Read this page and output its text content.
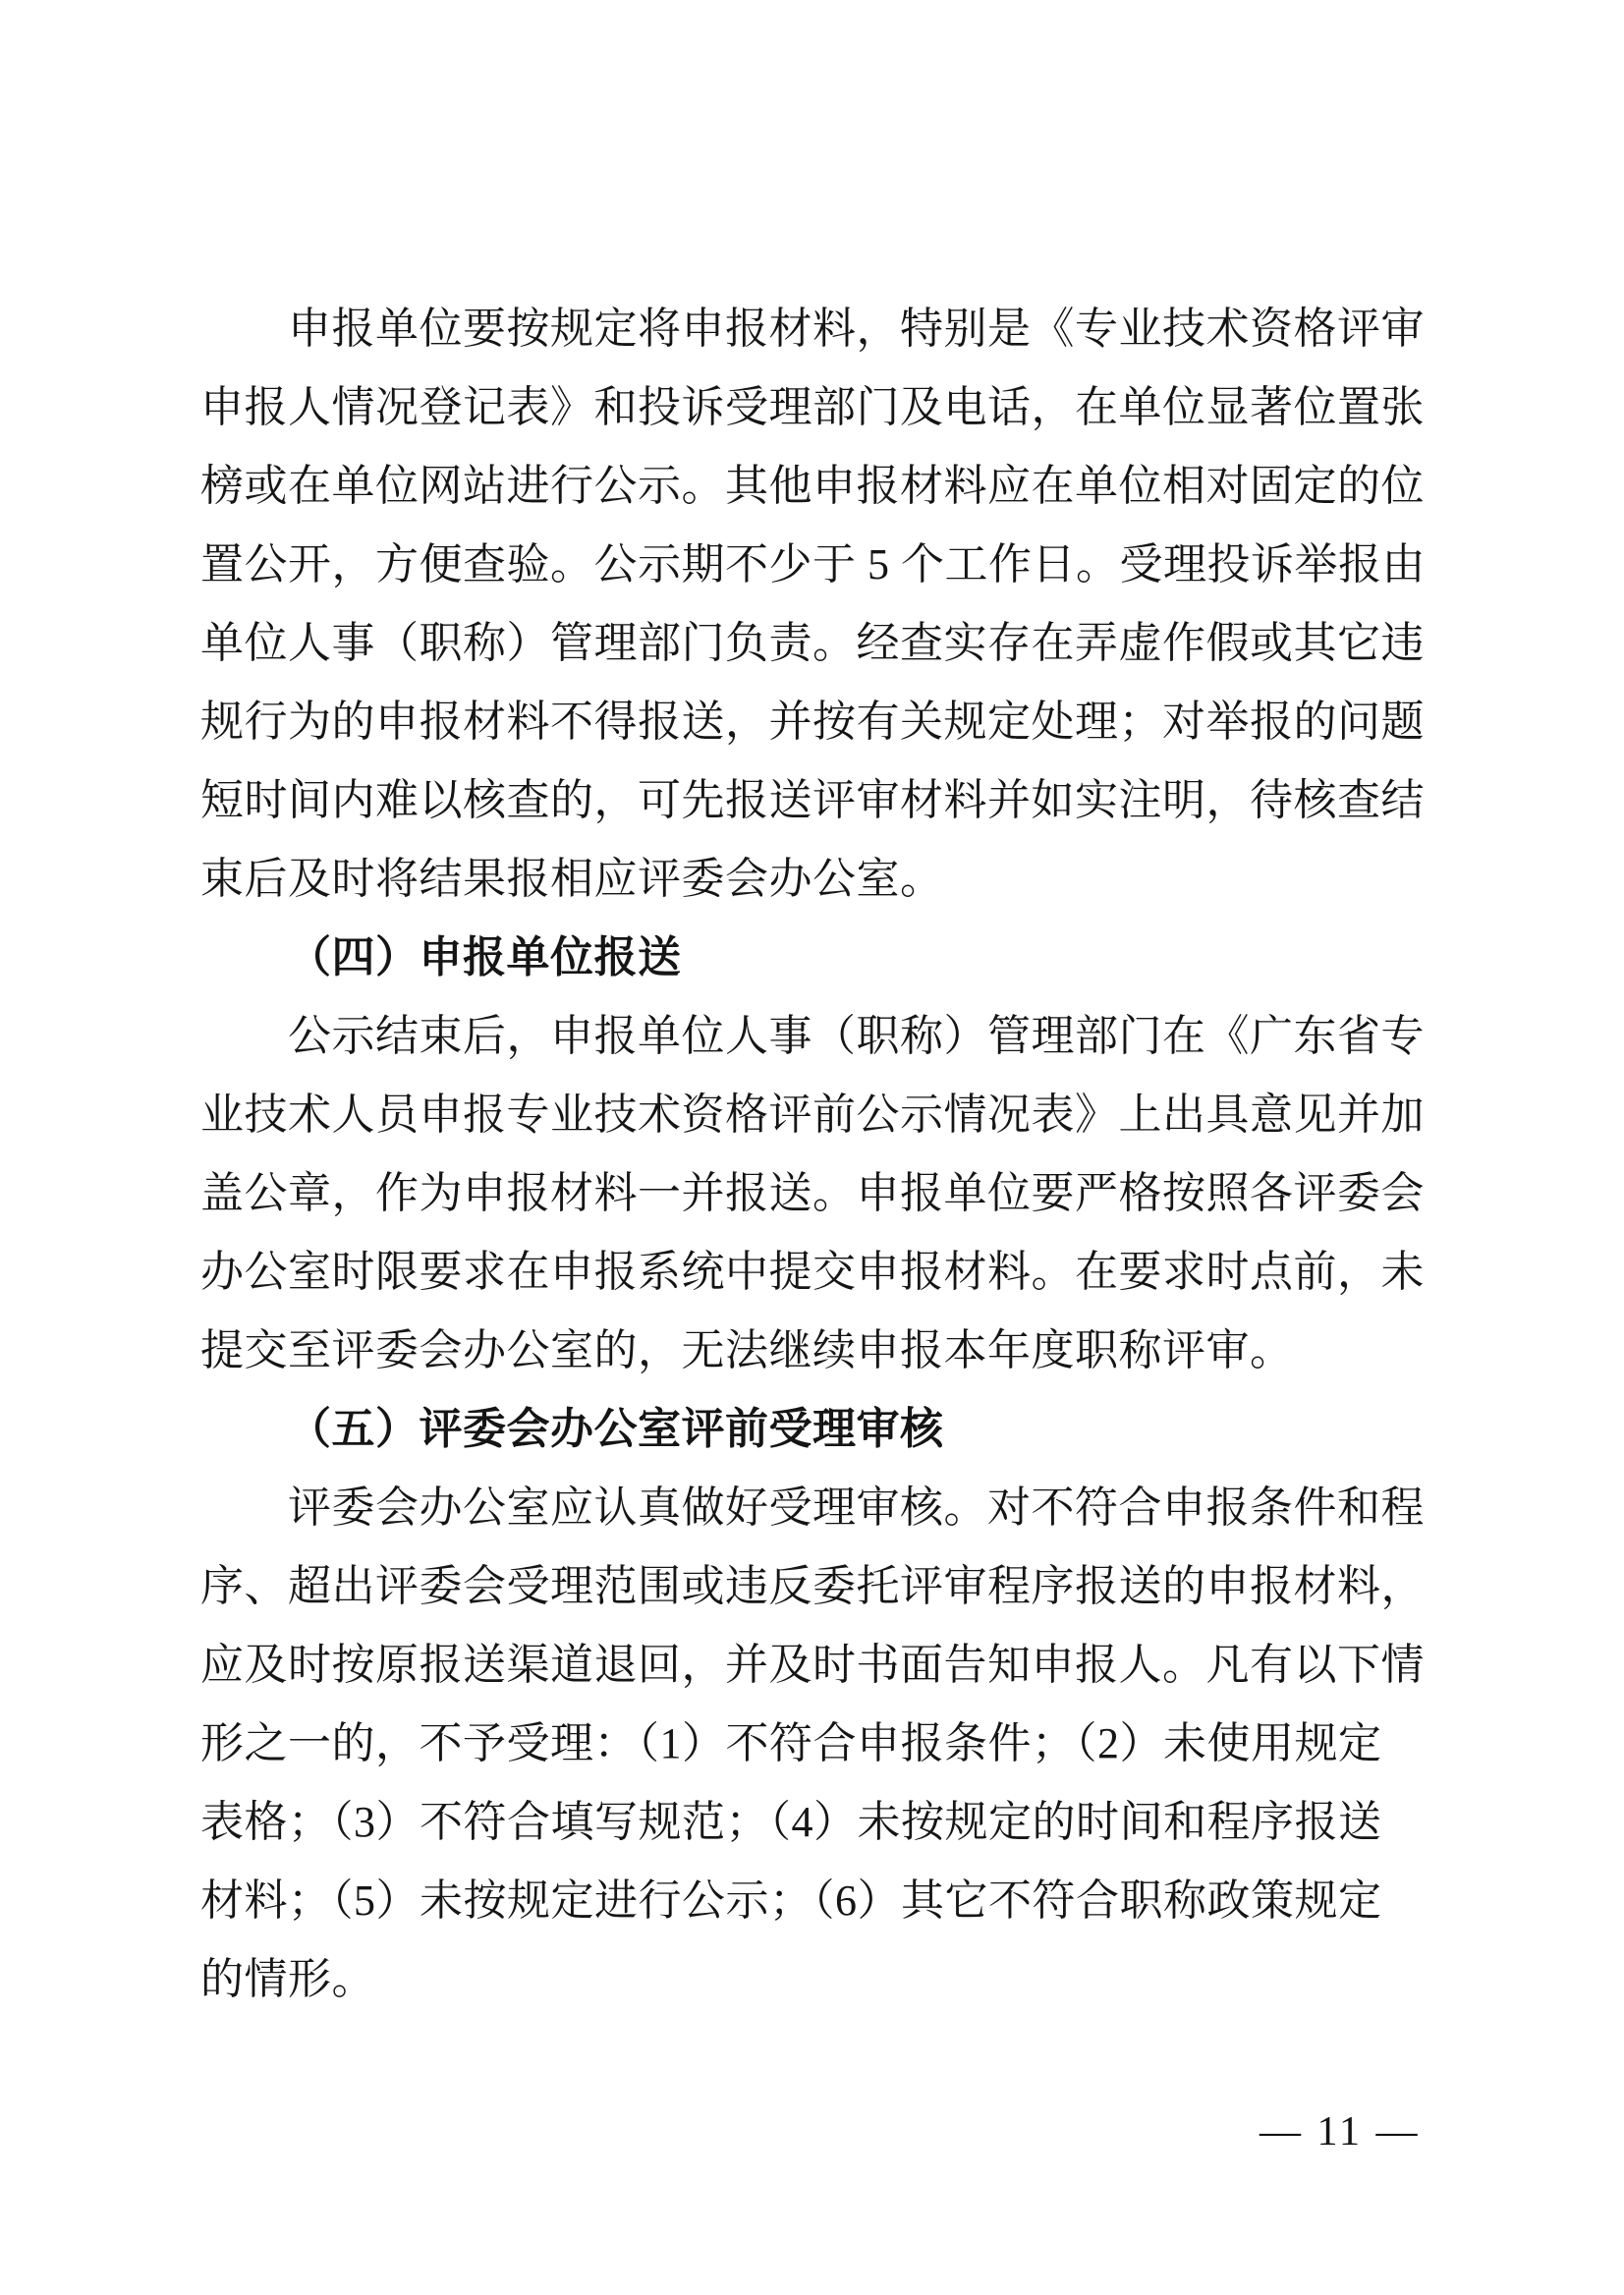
申报单位要按规定将申报材料，特别是《专业技术资格评审
申报人情况登记表》和投诉受理部门及电话，在单位显著位置张
榜或在单位网站进行公示。其他申报材料应在单位相对固定的位
置公开，方便查验。公示期不少于 5 个工作日。受理投诉举报由
单位人事（职称）管理部门负责。经查实存在弄虚作假或其它违
规行为的申报材料不得报送，并按有关规定处理；对举报的问题
短时间内难以核查的，可先报送评审材料并如实注明，待核查结
束后及时将结果报相应评委会办公室。
（四）申报单位报送
公示结束后，申报单位人事（职称）管理部门在《广东省专
业技术人员申报专业技术资格评前公示情况表》上出具意见并加
盖公章，作为申报材料一并报送。申报单位要严格按照各评委会
办公室时限要求在申报系统中提交申报材料。在要求时点前，未
提交至评委会办公室的，无法继续申报本年度职称评审。
（五）评委会办公室评前受理审核
评委会办公室应认真做好受理审核。对不符合申报条件和程
序、超出评委会受理范围或违反委托评审程序报送的申报材料，
应及时按原报送渠道退回，并及时书面告知申报人。凡有以下情
形之一的，不予受理：（1）不符合申报条件；（2）未使用规定
表格；（3）不符合填写规范；（4）未按规定的时间和程序报送
材料；（5）未按规定进行公示；（6）其它不符合职称政策规定
的情形。
— 11 —
